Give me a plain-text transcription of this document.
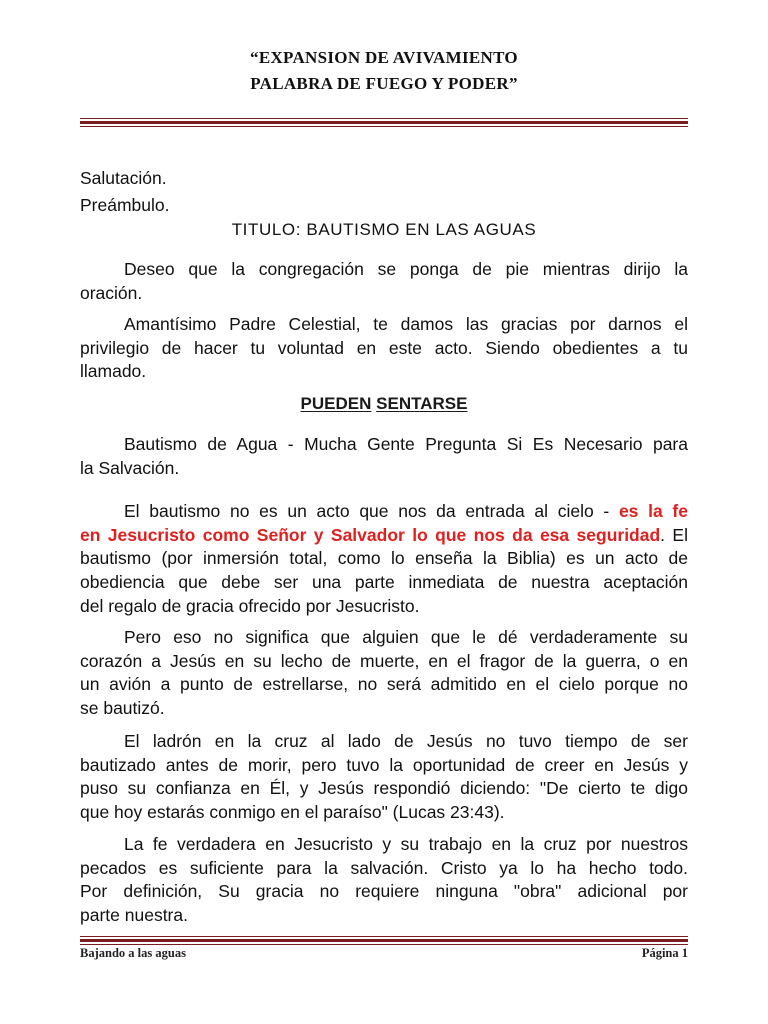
“EXPANSION DE AVIVAMIENTO
PALABRA DE FUEGO Y PODER”
Salutación.
Preámbulo.
TITULO: BAUTISMO EN LAS AGUAS
Deseo que la congregación se ponga de pie mientras dirijo la
oración.
Amantísimo Padre Celestial, te damos las gracias por darnos el
privilegio de hacer tu voluntad en este acto. Siendo obedientes a tu
llamado.
PUEDEN SENTARSE
Bautismo de Agua - Mucha Gente Pregunta Si Es Necesario para
la Salvación.
El bautismo no es un acto que nos da entrada al cielo - es la fe
en Jesucristo como Señor y Salvador lo que nos da esa seguridad. El
bautismo (por inmersión total, como lo enseña la Biblia) es un acto de
obediencia que debe ser una parte inmediata de nuestra aceptación
del regalo de gracia ofrecido por Jesucristo.
Pero eso no significa que alguien que le dé verdaderamente su
corazón a Jesús en su lecho de muerte, en el fragor de la guerra, o en
un avión a punto de estrellarse, no será admitido en el cielo porque no
se bautizó.
El ladrón en la cruz al lado de Jesús no tuvo tiempo de ser
bautizado antes de morir, pero tuvo la oportunidad de creer en Jesús y
puso su confianza en Él, y Jesús respondió diciendo: "De cierto te digo
que hoy estarás conmigo en el paraíso" (Lucas 23:43).
La fe verdadera en Jesucristo y su trabajo en la cruz por nuestros
pecados es suficiente para la salvación. Cristo ya lo ha hecho todo.
Por definición, Su gracia no requiere ninguna "obra" adicional por
parte nuestra.
Bajando a las aguas	Página 1
